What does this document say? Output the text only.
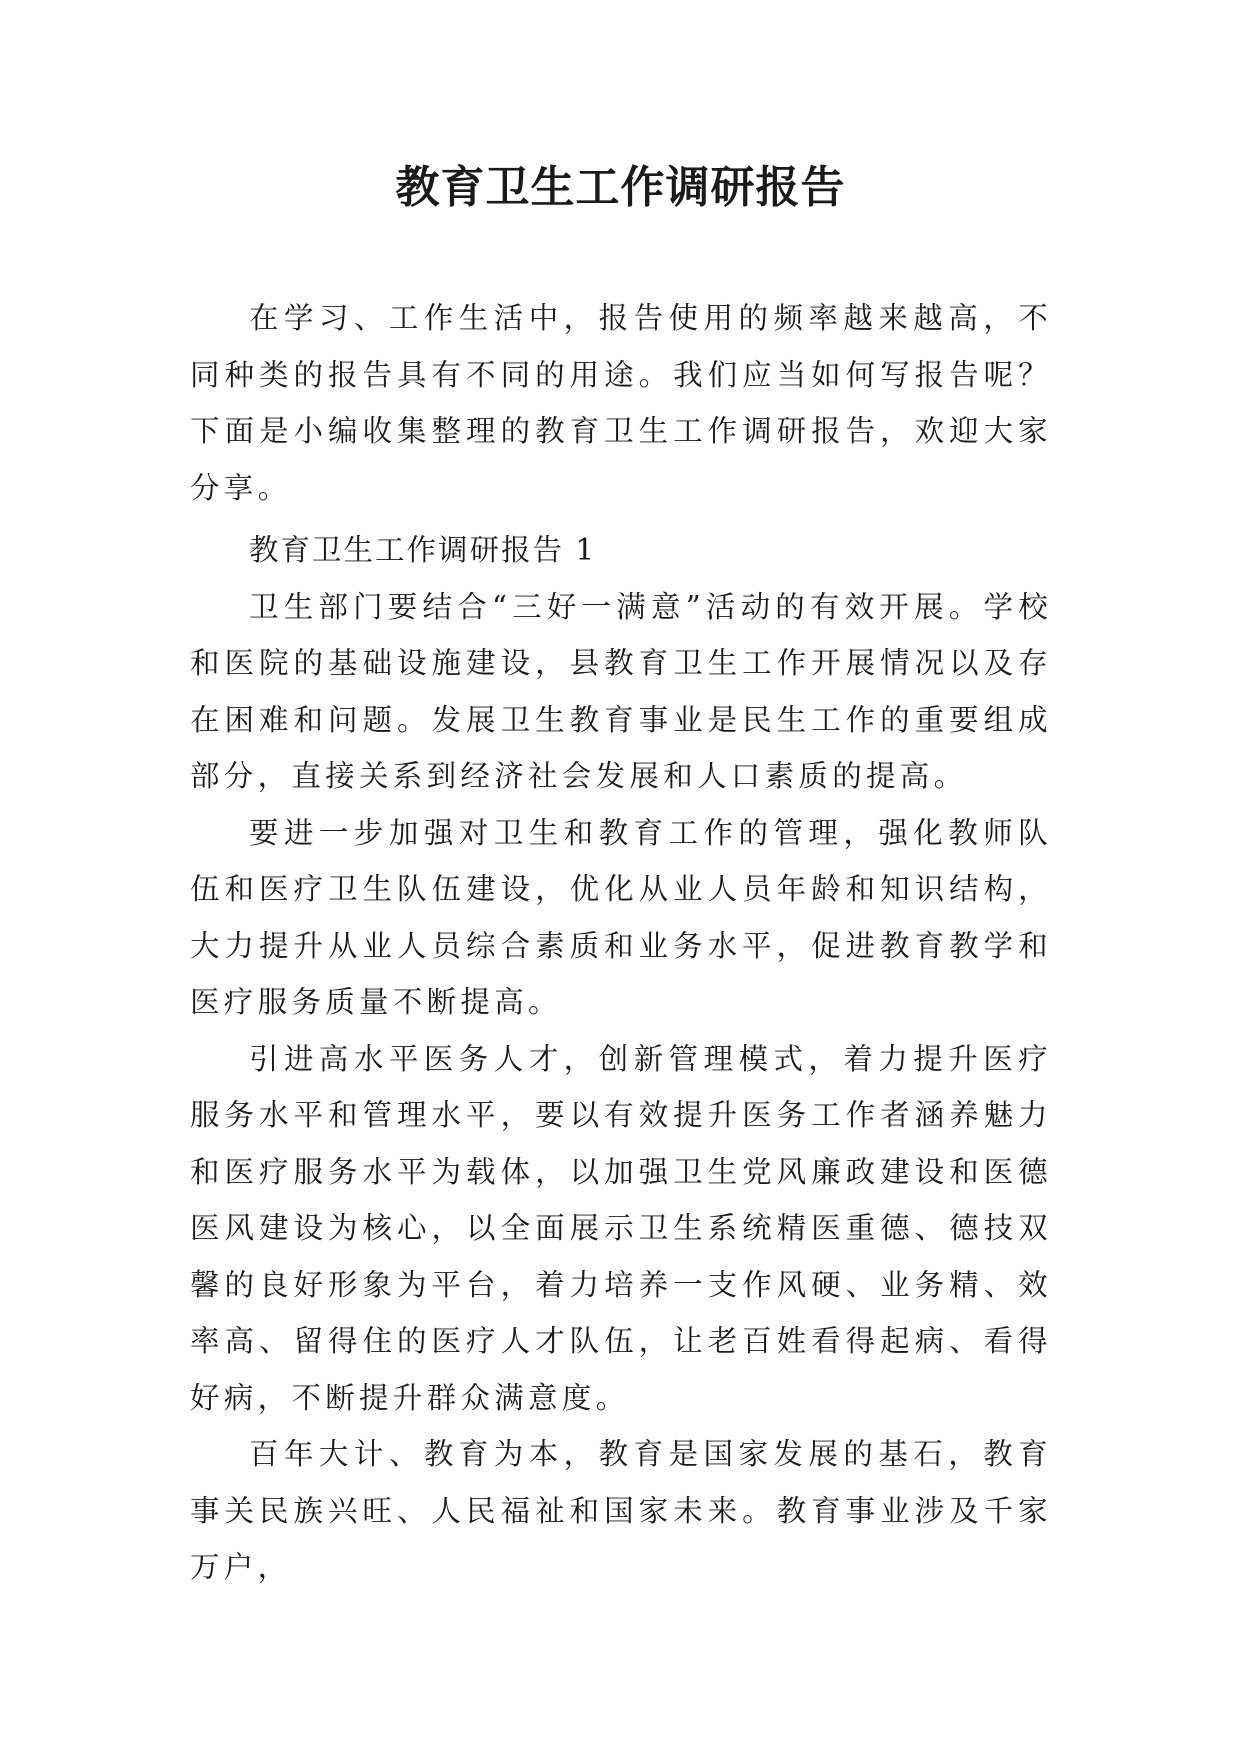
教育卫生工作调研报告

在学习、工作生活中，报告使用的频率越来越高，不同种类的报告具有不同的用途。我们应当如何写报告呢？下面是小编收集整理的教育卫生工作调研报告，欢迎大家分享。

教育卫生工作调研报告 1

卫生部门要结合“三好一满意”活动的有效开展。学校和医院的基础设施建设，县教育卫生工作开展情况以及存在困难和问题。发展卫生教育事业是民生工作的重要组成部分，直接关系到经济社会发展和人口素质的提高。

要进一步加强对卫生和教育工作的管理，强化教师队伍和医疗卫生队伍建设，优化从业人员年龄和知识结构，大力提升从业人员综合素质和业务水平，促进教育教学和医疗服务质量不断提高。

引进高水平医务人才，创新管理模式，着力提升医疗服务水平和管理水平，要以有效提升医务工作者涵养魅力和医疗服务水平为载体，以加强卫生党风廉政建设和医德医风建设为核心，以全面展示卫生系统精医重德、德技双馨的良好形象为平台，着力培养一支作风硬、业务精、效率高、留得住的医疗人才队伍，让老百姓看得起病、看得好病，不断提升群众满意度。

百年大计、教育为本，教育是国家发展的基石，教育事关民族兴旺、人民福祉和国家未来。教育事业涉及千家万户，
